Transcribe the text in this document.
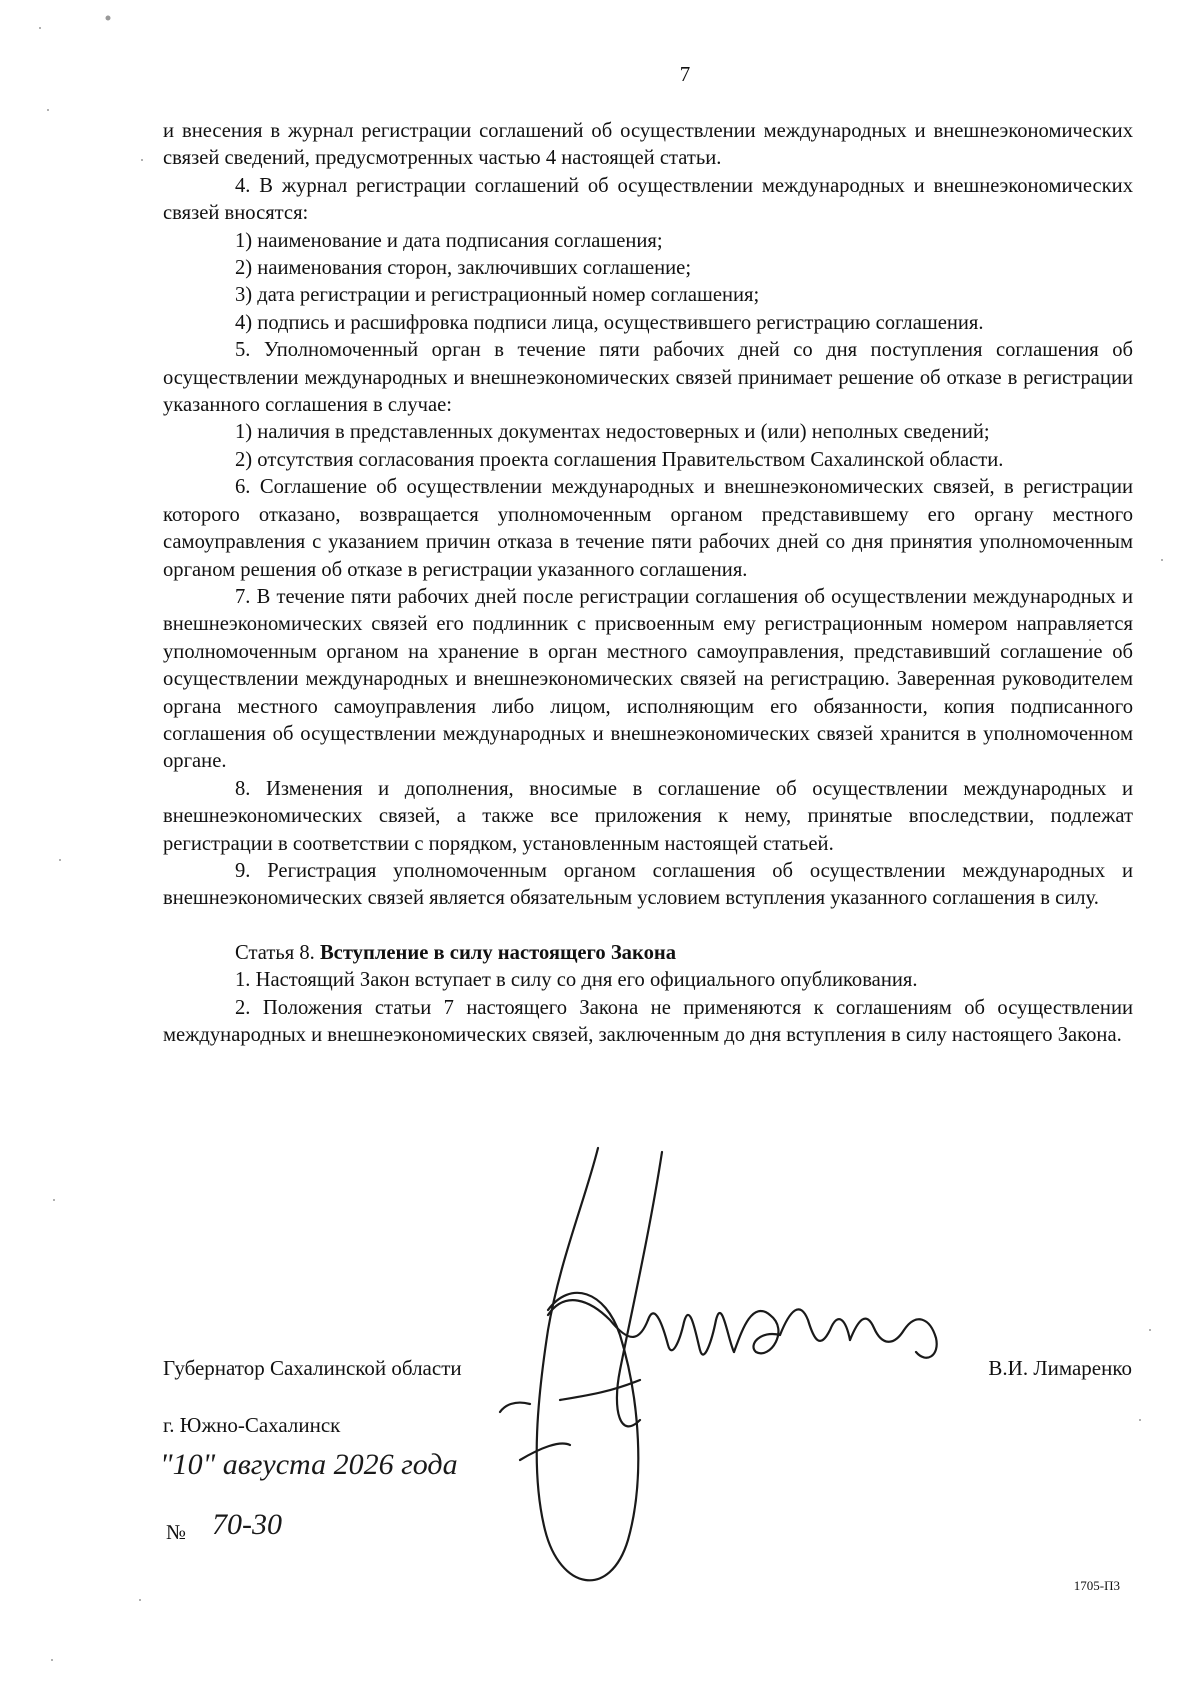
7

и внесения в журнал регистрации соглашений об осуществлении международных и внешнеэкономических связей сведений, предусмотренных частью 4 настоящей статьи.

4. В журнал регистрации соглашений об осуществлении международных и внешнеэкономических связей вносятся:

1) наименование и дата подписания соглашения;

2) наименования сторон, заключивших соглашение;

3) дата регистрации и регистрационный номер соглашения;

4) подпись и расшифровка подписи лица, осуществившего регистрацию соглашения.

5. Уполномоченный орган в течение пяти рабочих дней со дня поступления соглашения об осуществлении международных и внешнеэкономических связей принимает решение об отказе в регистрации указанного соглашения в случае:

1) наличия в представленных документах недостоверных и (или) неполных сведений;

2) отсутствия согласования проекта соглашения Правительством Сахалинской области.

6. Соглашение об осуществлении международных и внешнеэкономических связей, в регистрации которого отказано, возвращается уполномоченным органом представившему его органу местного самоуправления с указанием причин отказа в течение пяти рабочих дней со дня принятия уполномоченным органом решения об отказе в регистрации указанного соглашения.

7. В течение пяти рабочих дней после регистрации соглашения об осуществлении международных и внешнеэкономических связей его подлинник с присвоенным ему регистрационным номером направляется уполномоченным органом на хранение в орган местного самоуправления, представивший соглашение об осуществлении международных и внешнеэкономических связей на регистрацию. Заверенная руководителем органа местного самоуправления либо лицом, исполняющим его обязанности, копия подписанного соглашения об осуществлении международных и внешнеэкономических связей хранится в уполномоченном органе.

8. Изменения и дополнения, вносимые в соглашение об осуществлении международных и внешнеэкономических связей, а также все приложения к нему, принятые впоследствии, подлежат регистрации в соответствии с порядком, установленным настоящей статьей.

9. Регистрация уполномоченным органом соглашения об осуществлении международных и внешнеэкономических связей является обязательным условием вступления указанного соглашения в силу.

Статья 8. Вступление в силу настоящего Закона

1. Настоящий Закон вступает в силу со дня его официального опубликования.

2. Положения статьи 7 настоящего Закона не применяются к соглашениям об осуществлении международных и внешнеэкономических связей, заключенным до дня вступления в силу настоящего Закона.

Губернатор Сахалинской области	В.И. Лимаренко
г. Южно-Сахалинск
"10" августа 2026 года
№ 70-30
1705-П3
